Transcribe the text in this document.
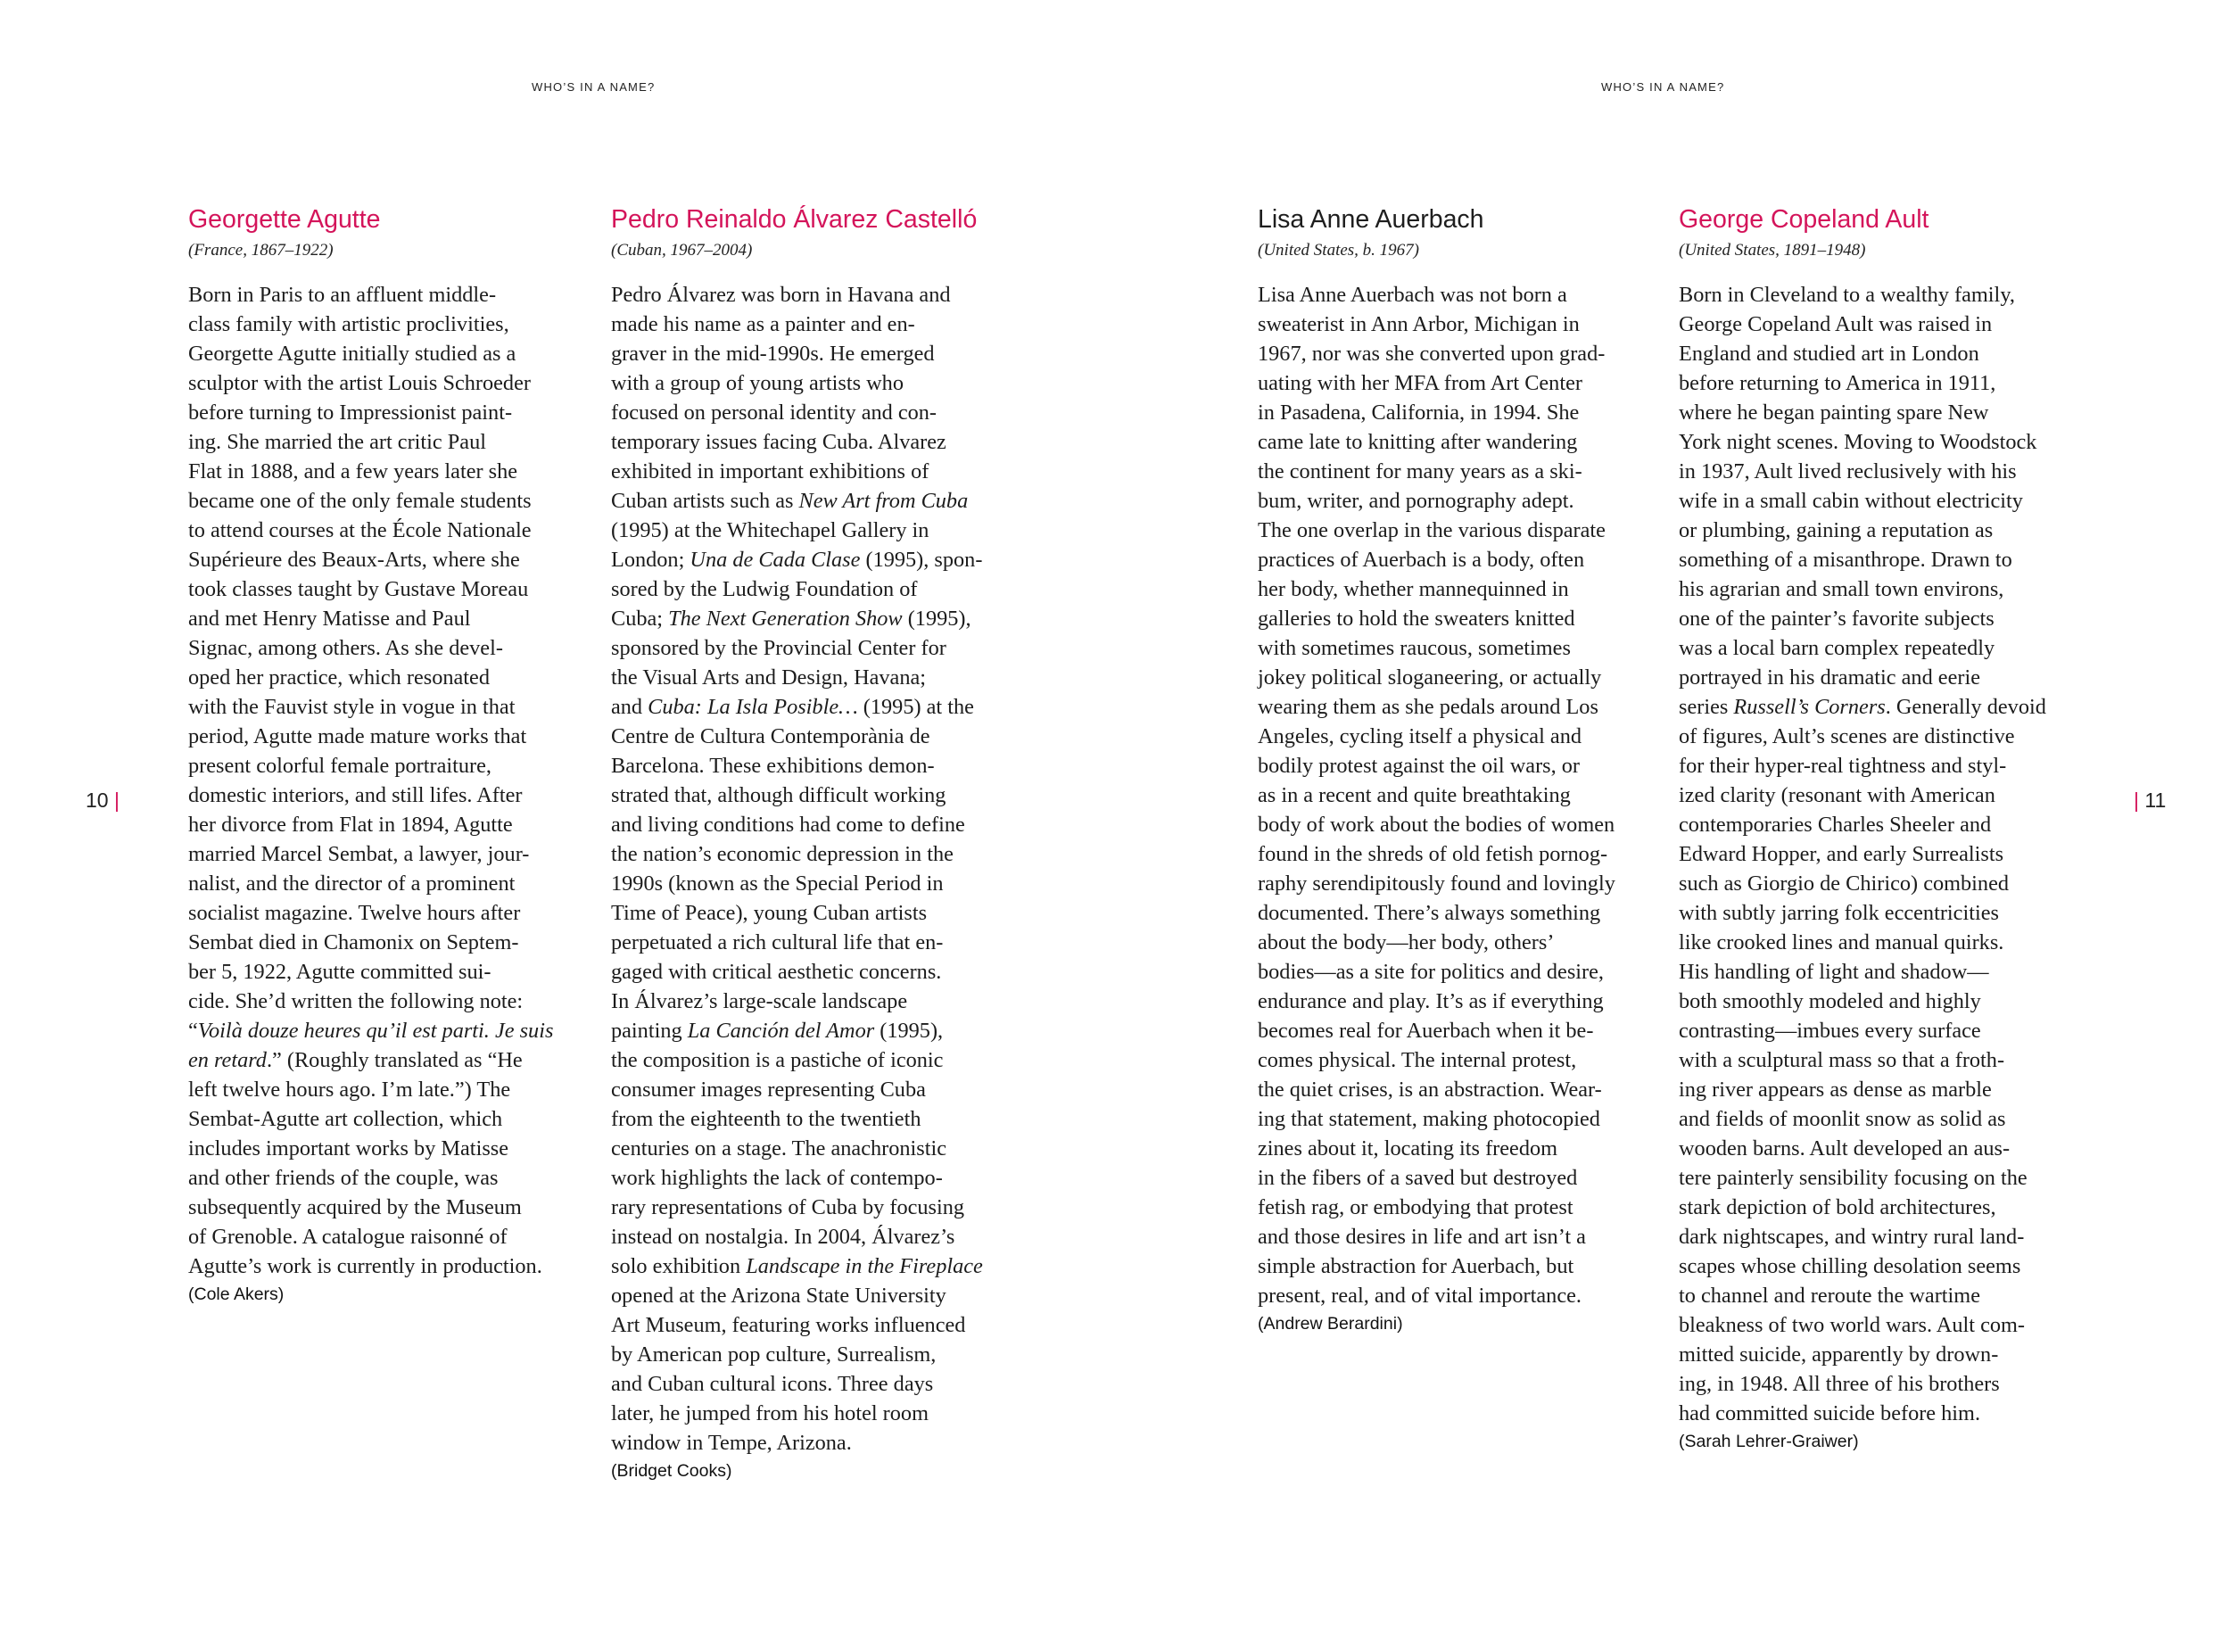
WHO’S IN A NAME?	WHO’S IN A NAME?
10 |	| 11
Georgette Agutte
(France, 1867–1922)
Born in Paris to an affluent middle-
class family with artistic proclivities,
Georgette Agutte initially studied as a
sculptor with the artist Louis Schroeder
before turning to Impressionist paint-
ing. She married the art critic Paul
Flat in 1888, and a few years later she
became one of the only female students
to attend courses at the École Nationale
Supérieure des Beaux-Arts, where she
took classes taught by Gustave Moreau
and met Henry Matisse and Paul
Signac, among others. As she devel-
oped her practice, which resonated
with the Fauvist style in vogue in that
period, Agutte made mature works that
present colorful female portraiture,
domestic interiors, and still lifes. After
her divorce from Flat in 1894, Agutte
married Marcel Sembat, a lawyer, jour-
nalist, and the director of a prominent
socialist magazine. Twelve hours after
Sembat died in Chamonix on Septem-
ber 5, 1922, Agutte committed sui-
cide. She’d written the following note:
“Voilà douze heures qu’il est parti. Je suis
en retard.” (Roughly translated as “He
left twelve hours ago. I’m late.”) The
Sembat-Agutte art collection, which
includes important works by Matisse
and other friends of the couple, was
subsequently acquired by the Museum
of Grenoble. A catalogue raisonné of
Agutte’s work is currently in production.
(Cole Akers)
Pedro Reinaldo Álvarez Castelló
(Cuban, 1967–2004)
Pedro Álvarez was born in Havana and
made his name as a painter and en-
graver in the mid-1990s. He emerged
with a group of young artists who
focused on personal identity and con-
temporary issues facing Cuba. Alvarez
exhibited in important exhibitions of
Cuban artists such as New Art from Cuba
(1995) at the Whitechapel Gallery in
London; Una de Cada Clase (1995), spon-
sored by the Ludwig Foundation of
Cuba; The Next Generation Show (1995),
sponsored by the Provincial Center for
the Visual Arts and Design, Havana;
and Cuba: La Isla Posible… (1995) at the
Centre de Cultura Contemporània de
Barcelona. These exhibitions demon-
strated that, although difficult working
and living conditions had come to define
the nation’s economic depression in the
1990s (known as the Special Period in
Time of Peace), young Cuban artists
perpetuated a rich cultural life that en-
gaged with critical aesthetic concerns.
In Álvarez’s large-scale landscape
painting La Canción del Amor (1995),
the composition is a pastiche of iconic
consumer images representing Cuba
from the eighteenth to the twentieth
centuries on a stage. The anachronistic
work highlights the lack of contempo-
rary representations of Cuba by focusing
instead on nostalgia. In 2004, Álvarez’s
solo exhibition Landscape in the Fireplace
opened at the Arizona State University
Art Museum, featuring works influenced
by American pop culture, Surrealism,
and Cuban cultural icons. Three days
later, he jumped from his hotel room
window in Tempe, Arizona.
(Bridget Cooks)
Lisa Anne Auerbach
(United States, b. 1967)
Lisa Anne Auerbach was not born a
sweaterist in Ann Arbor, Michigan in
1967, nor was she converted upon grad-
uating with her MFA from Art Center
in Pasadena, California, in 1994. She
came late to knitting after wandering
the continent for many years as a ski-
bum, writer, and pornography adept.
The one overlap in the various disparate
practices of Auerbach is a body, often
her body, whether mannequinned in
galleries to hold the sweaters knitted
with sometimes raucous, sometimes
jokey political sloganeering, or actually
wearing them as she pedals around Los
Angeles, cycling itself a physical and
bodily protest against the oil wars, or
as in a recent and quite breathtaking
body of work about the bodies of women
found in the shreds of old fetish pornog-
raphy serendipitously found and lovingly
documented. There’s always something
about the body—her body, others’
bodies—as a site for politics and desire,
endurance and play. It’s as if everything
becomes real for Auerbach when it be-
comes physical. The internal protest,
the quiet crises, is an abstraction. Wear-
ing that statement, making photocopied
zines about it, locating its freedom
in the fibers of a saved but destroyed
fetish rag, or embodying that protest
and those desires in life and art isn’t a
simple abstraction for Auerbach, but
present, real, and of vital importance.
(Andrew Berardini)
George Copeland Ault
(United States, 1891–1948)
Born in Cleveland to a wealthy family,
George Copeland Ault was raised in
England and studied art in London
before returning to America in 1911,
where he began painting spare New
York night scenes. Moving to Woodstock
in 1937, Ault lived reclusively with his
wife in a small cabin without electricity
or plumbing, gaining a reputation as
something of a misanthrope. Drawn to
his agrarian and small town environs,
one of the painter’s favorite subjects
was a local barn complex repeatedly
portrayed in his dramatic and eerie
series Russell’s Corners. Generally devoid
of figures, Ault’s scenes are distinctive
for their hyper-real tightness and styl-
ized clarity (resonant with American
contemporaries Charles Sheeler and
Edward Hopper, and early Surrealists
such as Giorgio de Chirico) combined
with subtly jarring folk eccentricities
like crooked lines and manual quirks.
His handling of light and shadow—
both smoothly modeled and highly
contrasting—imbues every surface
with a sculptural mass so that a froth-
ing river appears as dense as marble
and fields of moonlit snow as solid as
wooden barns. Ault developed an aus-
tere painterly sensibility focusing on the
stark depiction of bold architectures,
dark nightscapes, and wintry rural land-
scapes whose chilling desolation seems
to channel and reroute the wartime
bleakness of two world wars. Ault com-
mitted suicide, apparently by drown-
ing, in 1948. All three of his brothers
had committed suicide before him.
(Sarah Lehrer-Graiwer)
